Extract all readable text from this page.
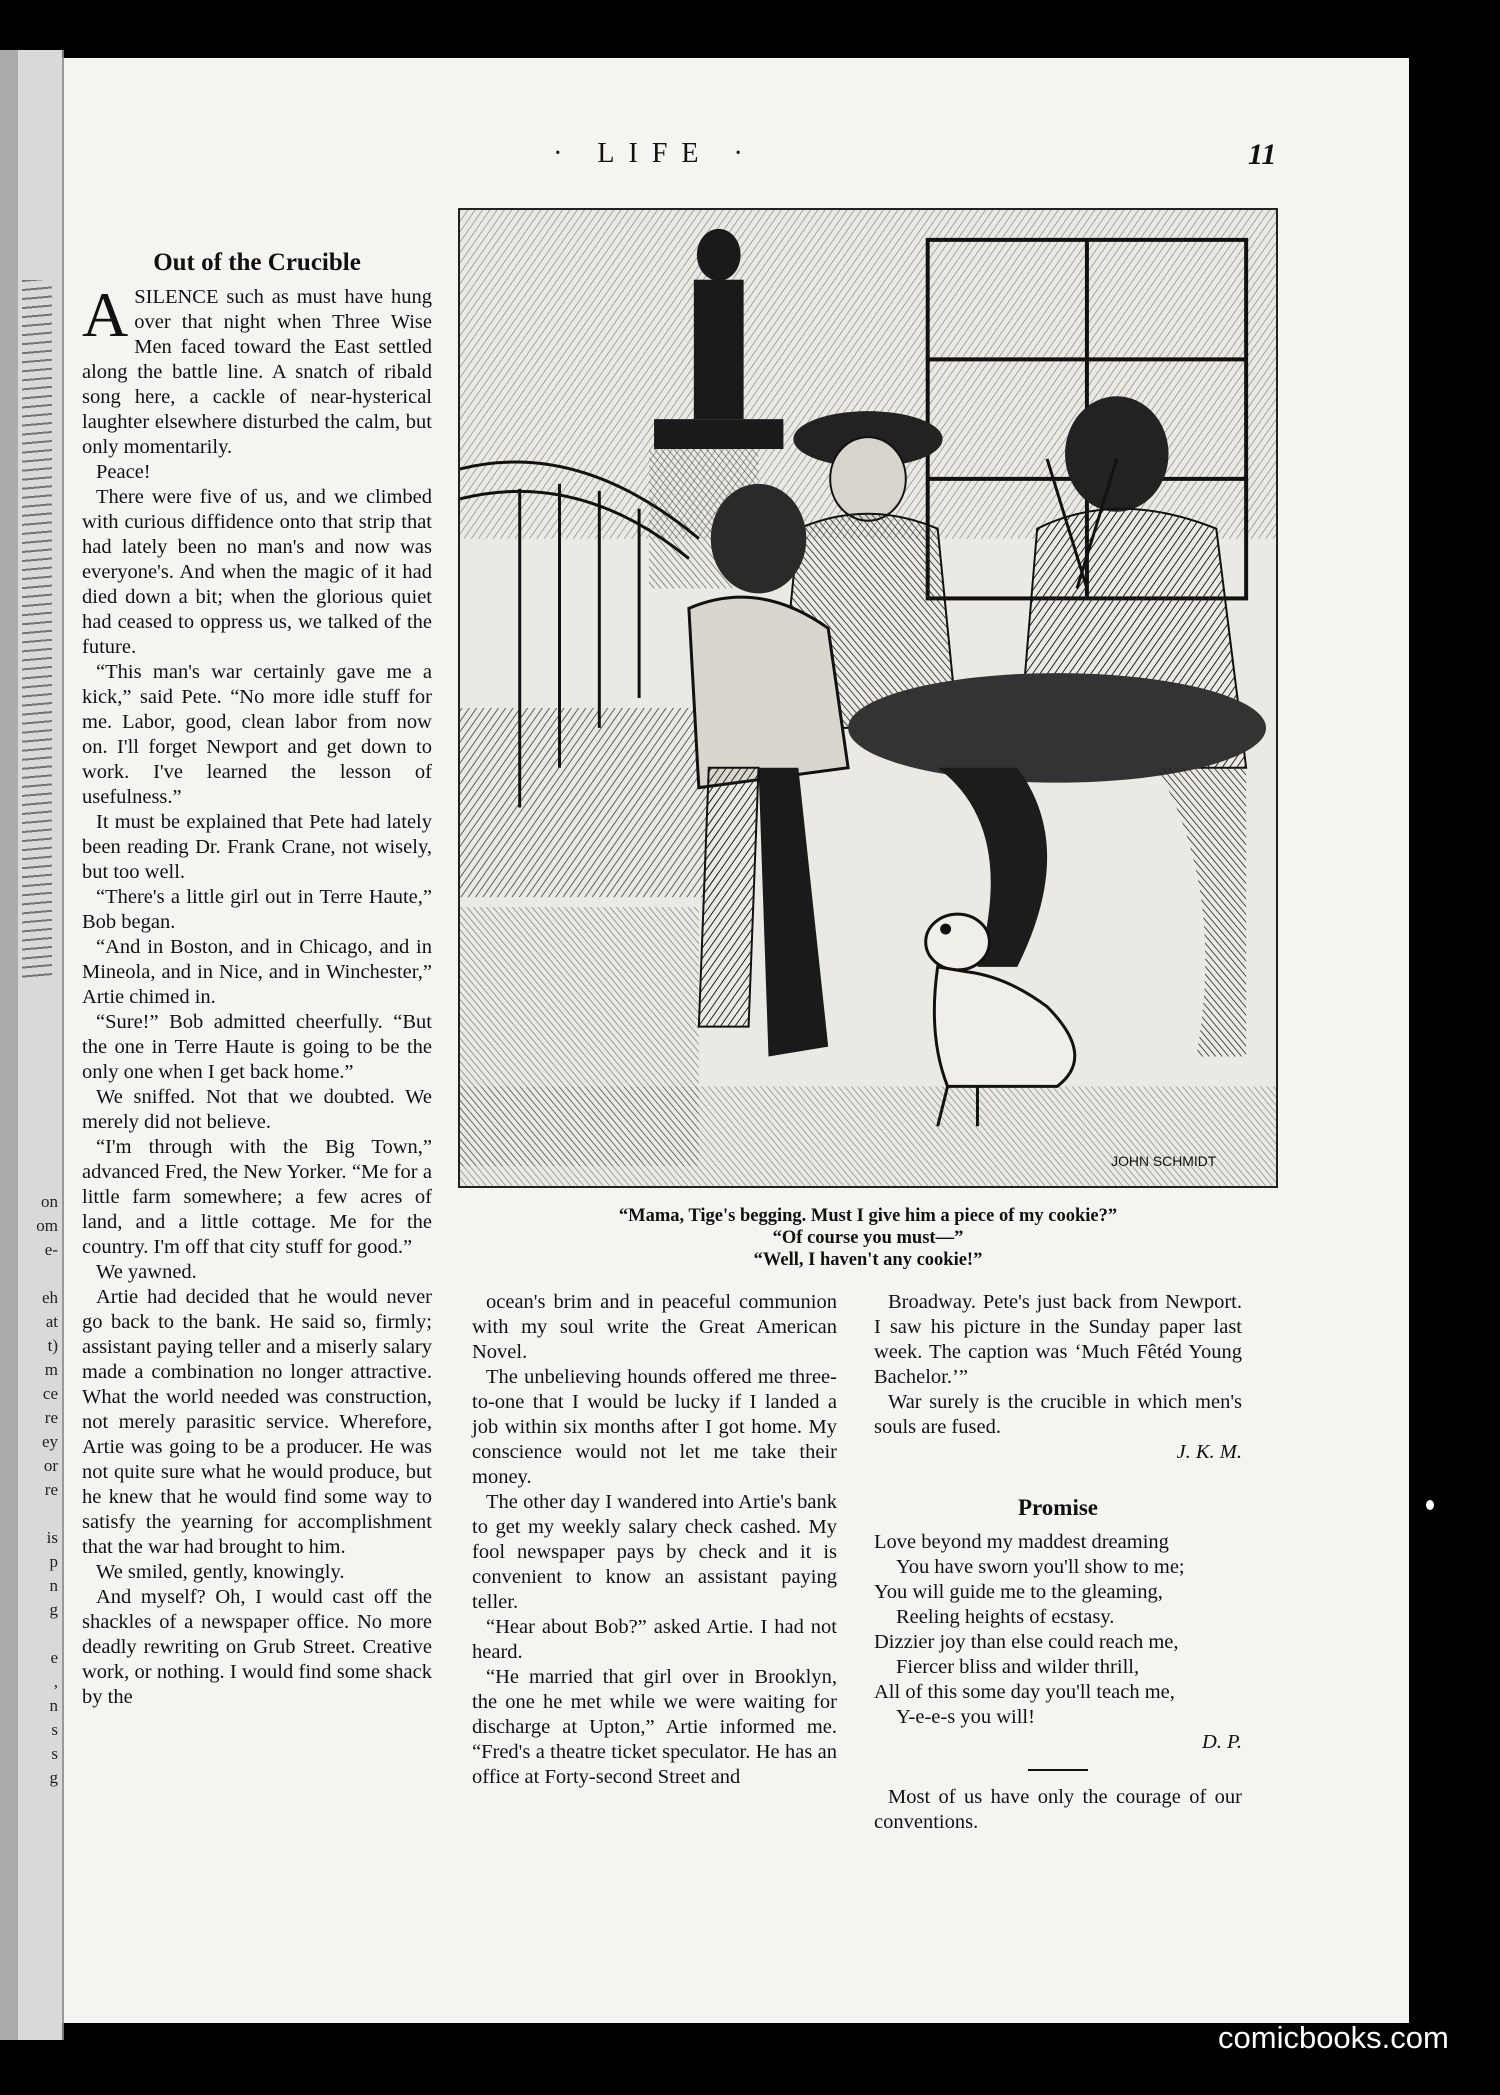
on
om
e-

eh
at
t)
m
ce
re
ey
or
re

is
p
n
g

e
,
n
s
s
g
· LIFE ·	11
Out of the Crucible

ASILENCE such as must have hung over that night when Three Wise Men faced toward the East settled along the battle line. A snatch of ribald song here, a cackle of near-hysterical laughter elsewhere disturbed the calm, but only momentarily.

Peace!

There were five of us, and we climbed with curious diffidence onto that strip that had lately been no man's and now was everyone's. And when the magic of it had died down a bit; when the glorious quiet had ceased to oppress us, we talked of the future.

“This man's war certainly gave me a kick,” said Pete. “No more idle stuff for me. Labor, good, clean labor from now on. I'll forget Newport and get down to work. I've learned the lesson of usefulness.”

It must be explained that Pete had lately been reading Dr. Frank Crane, not wisely, but too well.

“There's a little girl out in Terre Haute,” Bob began.

“And in Boston, and in Chicago, and in Mineola, and in Nice, and in Winchester,” Artie chimed in.

“Sure!” Bob admitted cheerfully. “But the one in Terre Haute is going to be the only one when I get back home.”

We sniffed. Not that we doubted. We merely did not believe.

“I'm through with the Big Town,” advanced Fred, the New Yorker. “Me for a little farm somewhere; a few acres of land, and a little cottage. Me for the country. I'm off that city stuff for good.”

We yawned.

Artie had decided that he would never go back to the bank. He said so, firmly; assistant paying teller and a miserly salary made a combination no longer attractive. What the world needed was construction, not merely parasitic service. Wherefore, Artie was going to be a producer. He was not quite sure what he would produce, but he knew that he would find some way to satisfy the yearning for accomplishment that the war had brought to him.

We smiled, gently, knowingly.

And myself? Oh, I would cast off the shackles of a newspaper office. No more deadly rewriting on Grub Street. Creative work, or nothing. I would find some shack by the

JOHN SCHMIDT
“Mama, Tige's begging. Must I give him a piece of my cookie?”
“Of course you must—”
“Well, I haven't any cookie!”

ocean's brim and in peaceful communion with my soul write the Great American Novel.

The unbelieving hounds offered me three-to-one that I would be lucky if I landed a job within six months after I got home. My conscience would not let me take their money.

The other day I wandered into Artie's bank to get my weekly salary check cashed. My fool newspaper pays by check and it is convenient to know an assistant paying teller.

“Hear about Bob?” asked Artie. I had not heard.

“He married that girl over in Brooklyn, the one he met while we were waiting for discharge at Upton,” Artie informed me. “Fred's a theatre ticket speculator. He has an office at Forty-second Street and

Broadway. Pete's just back from Newport. I saw his picture in the Sunday paper last week. The caption was ‘Much Fêtéd Young Bachelor.’”

War surely is the crucible in which men's souls are fused.

J. K. M.

Promise

Love beyond my maddest dreaming

You have sworn you'll show to me;

You will guide me to the gleaming,

Reeling heights of ecstasy.

Dizzier joy than else could reach me,

Fiercer bliss and wilder thrill,

All of this some day you'll teach me,

Y-e-e-s you will!

D. P.

Most of us have only the courage of our conventions.

comicbooks.com
